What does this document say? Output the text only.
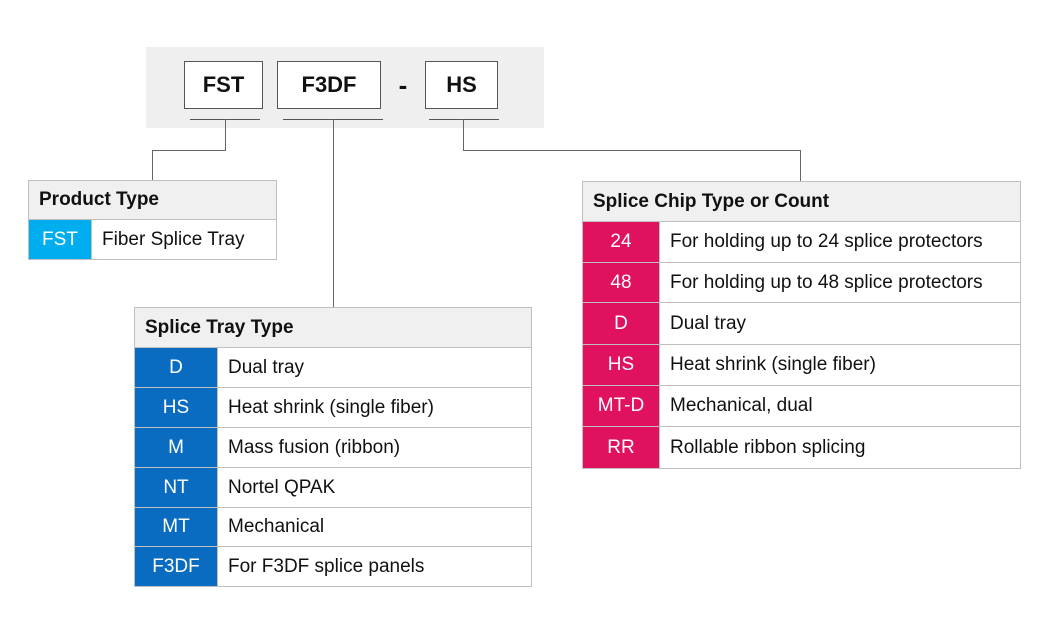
FST	F3DF	-	HS
Product Type
FST	Fiber Splice Tray
Splice Tray Type
D	Dual tray
HS	Heat shrink (single fiber)
M	Mass fusion (ribbon)
NT	Nortel QPAK
MT	Mechanical
F3DF	For F3DF splice panels
Splice Chip Type or Count
24	For holding up to 24 splice protectors
48	For holding up to 48 splice protectors
D	Dual tray
HS	Heat shrink (single fiber)
MT-D	Mechanical, dual
RR	Rollable ribbon splicing
